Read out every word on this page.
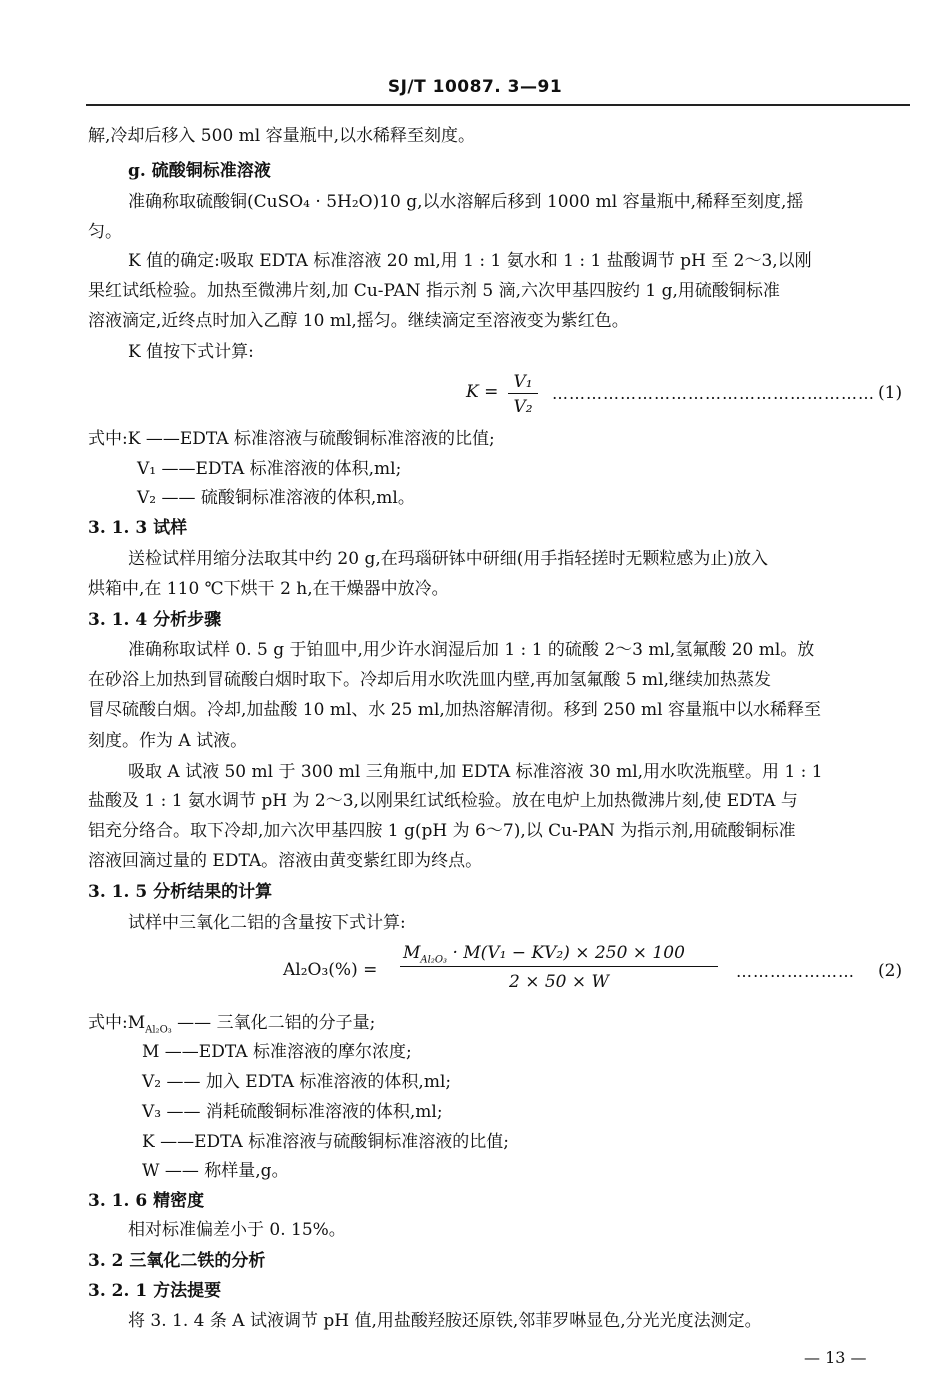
SJ/T 10087. 3—91
解,冷却后移入 500 ml 容量瓶中,以水稀释至刻度。
g. 硫酸铜标准溶液
准确称取硫酸铜(CuSO₄ · 5H₂O)10 g,以水溶解后移到 1000 ml 容量瓶中,稀释至刻度,摇
匀。
K 值的确定:吸取 EDTA 标准溶液 20 ml,用 1 : 1 氨水和 1 : 1 盐酸调节 pH 至 2～3,以刚
果红试纸检验。加热至微沸片刻,加 Cu-PAN 指示剂 5 滴,六次甲基四胺约 1 g,用硫酸铜标准
溶液滴定,近终点时加入乙醇 10 ml,摇匀。继续滴定至溶液变为紫红色。
K 值按下式计算:
K = V₁
V₂
………………………………………………… (1)
式中:K ——EDTA 标准溶液与硫酸铜标准溶液的比值;
V₁ ——EDTA 标准溶液的体积,ml;
V₂ —— 硫酸铜标准溶液的体积,ml。
3. 1. 3 试样
送检试样用缩分法取其中约 20 g,在玛瑙研钵中研细(用手指轻搓时无颗粒感为止)放入
烘箱中,在 110 ℃下烘干 2 h,在干燥器中放冷。
3. 1. 4 分析步骤
准确称取试样 0. 5 g 于铂皿中,用少许水润湿后加 1 : 1 的硫酸 2～3 ml,氢氟酸 20 ml。放
在砂浴上加热到冒硫酸白烟时取下。冷却后用水吹洗皿内壁,再加氢氟酸 5 ml,继续加热蒸发
冒尽硫酸白烟。冷却,加盐酸 10 ml、水 25 ml,加热溶解清彻。移到 250 ml 容量瓶中以水稀释至
刻度。作为 A 试液。
吸取 A 试液 50 ml 于 300 ml 三角瓶中,加 EDTA 标准溶液 30 ml,用水吹洗瓶壁。用 1 : 1
盐酸及 1 : 1 氨水调节 pH 为 2～3,以刚果红试纸检验。放在电炉上加热微沸片刻,使 EDTA 与
铝充分络合。取下冷却,加六次甲基四胺 1 g(pH 为 6～7),以 Cu-PAN 为指示剂,用硫酸铜标准
溶液回滴过量的 EDTA。溶液由黄变紫红即为终点。
3. 1. 5 分析结果的计算
试样中三氧化二铝的含量按下式计算:
Al₂O₃(%) =
$M_{Al_2O_3} \cdot M(V_1 - KV_2) \times 250 \times 100$
2 × 50 × W
………………… (2)
式中$:M_{Al_2O_3}$ —— 三氧化二铝的分子量;
M ——EDTA 标准溶液的摩尔浓度;
V₂ —— 加入 EDTA 标准溶液的体积,ml;
V₃ —— 消耗硫酸铜标准溶液的体积,ml;
K ——EDTA 标准溶液与硫酸铜标准溶液的比值;
W —— 称样量,g。
3. 1. 6 精密度
相对标准偏差小于 0. 15%。
3. 2 三氧化二铁的分析
3. 2. 1 方法提要
将 3. 1. 4 条 A 试液调节 pH 值,用盐酸羟胺还原铁,邻菲罗啉显色,分光光度法测定。
— 13 —
